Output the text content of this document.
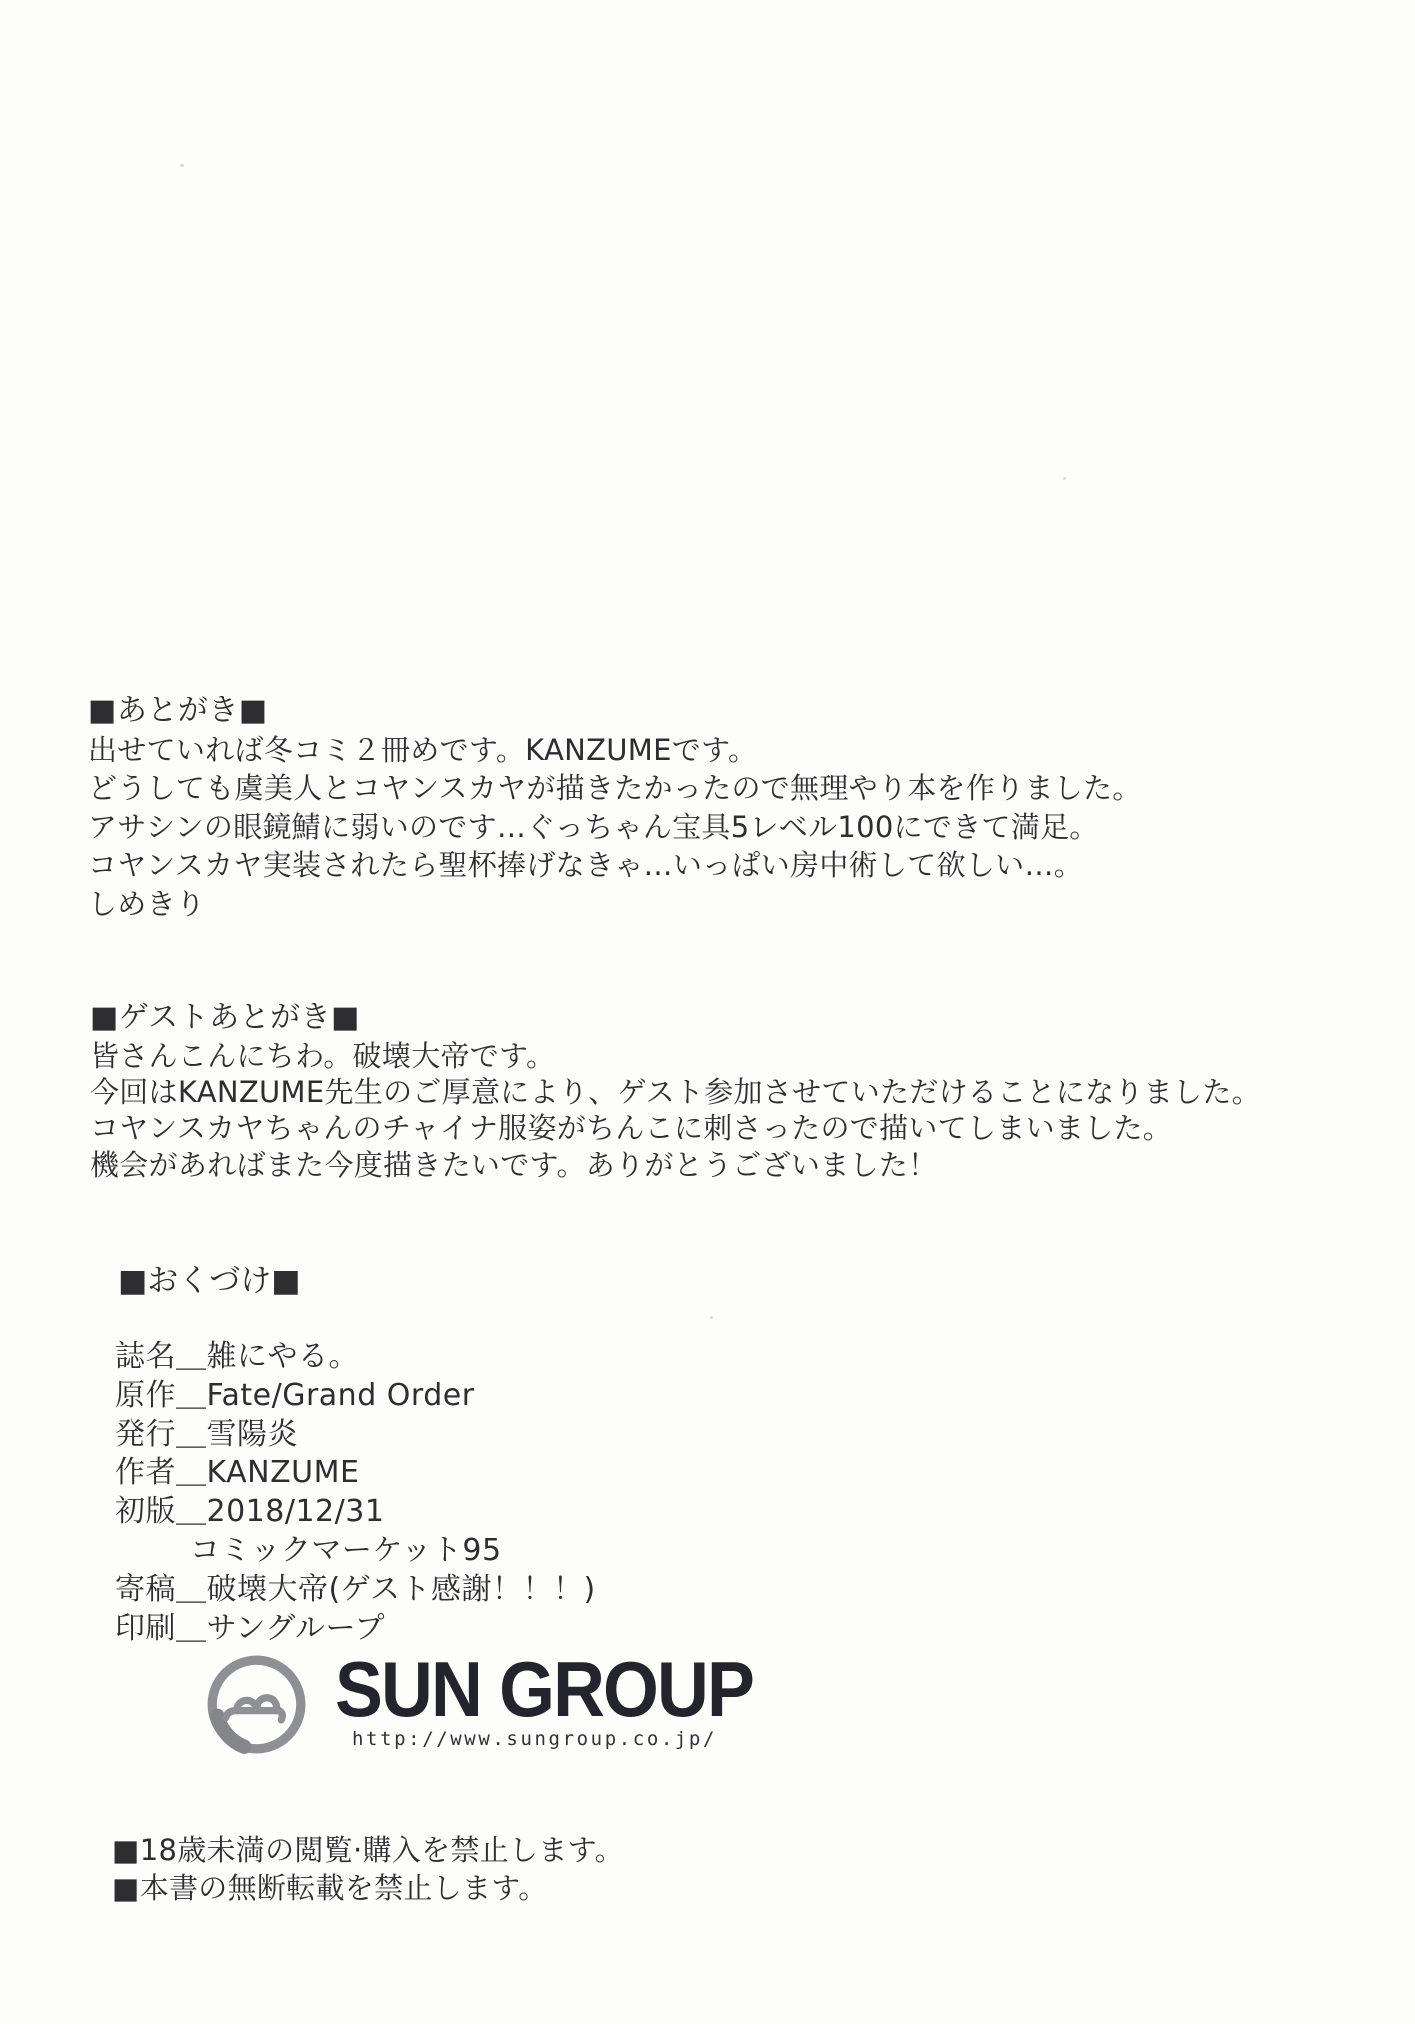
■あとがき■

出せていれば冬コミ２冊めです。KANZUMEです。

どうしても虞美人とコヤンスカヤが描きたかったので無理やり本を作りました。

アサシンの眼鏡鯖に弱いのです…ぐっちゃん宝具5レベル100にできて満足。

コヤンスカヤ実装されたら聖杯捧げなきゃ…いっぱい房中術して欲しい…。

しめきり

■ゲストあとがき■

皆さんこんにちわ。破壊大帝です。

今回はKANZUME先生のご厚意により、ゲスト参加させていただけることになりました。

コヤンスカヤちゃんのチャイナ服姿がちんこに刺さったので描いてしまいました。

機会があればまた今度描きたいです。ありがとうございました！

■おくづけ■

誌名＿雑にやる。

原作＿Fate/Grand Order

発行＿雪陽炎

作者＿KANZUME

初版＿2018/12/31

コミックマーケット95

寄稿＿破壊大帝(ゲスト感謝！！！)

印刷＿サングループ

SUN GROUP
http://www.sungroup.co.jp/

■18歳未満の閲覧·購入を禁止します。

■本書の無断転載を禁止します。
